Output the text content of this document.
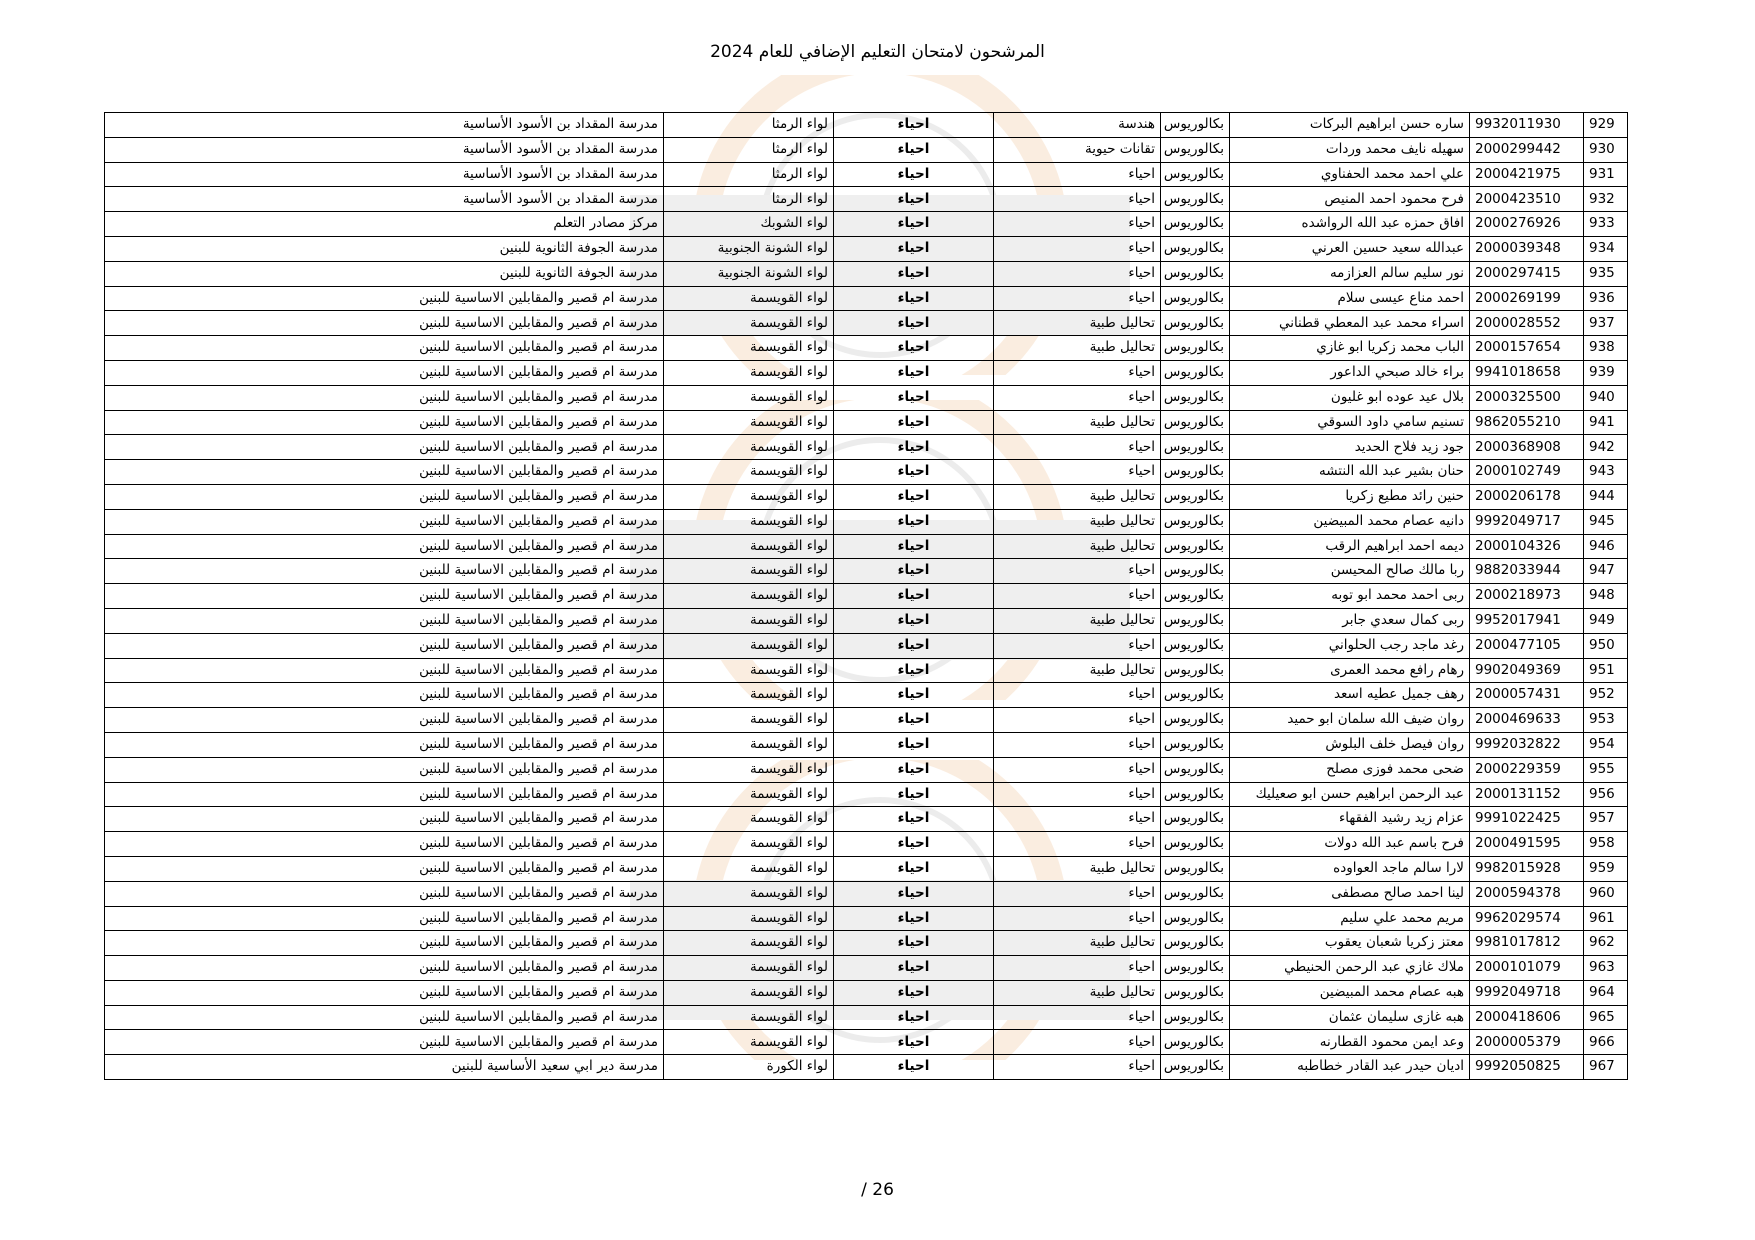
المرشحون لامتحان التعليم الإضافي للعام 2024
929	9932011930	ساره حسن ابراهيم البركات	بكالوريوس	هندسة	احياء	لواء الرمثا	مدرسة المقداد بن الأسود الأساسية
930	2000299442	سهيله نايف محمد وردات	بكالوريوس	تقانات حيوية	احياء	لواء الرمثا	مدرسة المقداد بن الأسود الأساسية
931	2000421975	علي احمد محمد الحفناوي	بكالوريوس	احياء	احياء	لواء الرمثا	مدرسة المقداد بن الأسود الأساسية
932	2000423510	فرح محمود احمد المنيص	بكالوريوس	احياء	احياء	لواء الرمثا	مدرسة المقداد بن الأسود الأساسية
933	2000276926	افاق حمزه عبد الله الرواشده	بكالوريوس	احياء	احياء	لواء الشوبك	مركز مصادر التعلم
934	2000039348	عبدالله سعيد حسين العرني	بكالوريوس	احياء	احياء	لواء الشونة الجنوبية	مدرسة الجوفة الثانوية للبنين
935	2000297415	نور سليم سالم العزازمه	بكالوريوس	احياء	احياء	لواء الشونة الجنوبية	مدرسة الجوفة الثانوية للبنين
936	2000269199	احمد مناع عيسى سلام	بكالوريوس	احياء	احياء	لواء القويسمة	مدرسة ام قصير والمقابلين الاساسية للبنين
937	2000028552	اسراء محمد عبد المعطي قطناني	بكالوريوس	تحاليل طبية	احياء	لواء القويسمة	مدرسة ام قصير والمقابلين الاساسية للبنين
938	2000157654	الباب محمد زكريا ابو غازي	بكالوريوس	تحاليل طبية	احياء	لواء القويسمة	مدرسة ام قصير والمقابلين الاساسية للبنين
939	9941018658	براء خالد صبحي الداعور	بكالوريوس	احياء	احياء	لواء القويسمة	مدرسة ام قصير والمقابلين الاساسية للبنين
940	2000325500	بلال عيد عوده ابو غليون	بكالوريوس	احياء	احياء	لواء القويسمة	مدرسة ام قصير والمقابلين الاساسية للبنين
941	9862055210	تسنيم سامي داود السوقي	بكالوريوس	تحاليل طبية	احياء	لواء القويسمة	مدرسة ام قصير والمقابلين الاساسية للبنين
942	2000368908	جود زيد فلاح الحديد	بكالوريوس	احياء	احياء	لواء القويسمة	مدرسة ام قصير والمقابلين الاساسية للبنين
943	2000102749	حنان بشير عبد الله النتشه	بكالوريوس	احياء	احياء	لواء القويسمة	مدرسة ام قصير والمقابلين الاساسية للبنين
944	2000206178	حنين رائد مطيع زكريا	بكالوريوس	تحاليل طبية	احياء	لواء القويسمة	مدرسة ام قصير والمقابلين الاساسية للبنين
945	9992049717	دانيه عصام محمد المبيضين	بكالوريوس	تحاليل طبية	احياء	لواء القويسمة	مدرسة ام قصير والمقابلين الاساسية للبنين
946	2000104326	ديمه احمد ابراهيم الرقب	بكالوريوس	تحاليل طبية	احياء	لواء القويسمة	مدرسة ام قصير والمقابلين الاساسية للبنين
947	9882033944	ربا مالك صالح المحيسن	بكالوريوس	احياء	احياء	لواء القويسمة	مدرسة ام قصير والمقابلين الاساسية للبنين
948	2000218973	ربى احمد محمد ابو توبه	بكالوريوس	احياء	احياء	لواء القويسمة	مدرسة ام قصير والمقابلين الاساسية للبنين
949	9952017941	ربى كمال سعدي جابر	بكالوريوس	تحاليل طبية	احياء	لواء القويسمة	مدرسة ام قصير والمقابلين الاساسية للبنين
950	2000477105	رغد ماجد رجب الحلواني	بكالوريوس	احياء	احياء	لواء القويسمة	مدرسة ام قصير والمقابلين الاساسية للبنين
951	9902049369	رهام رافع محمد العمرى	بكالوريوس	تحاليل طبية	احياء	لواء القويسمة	مدرسة ام قصير والمقابلين الاساسية للبنين
952	2000057431	رهف جميل عطيه اسعد	بكالوريوس	احياء	احياء	لواء القويسمة	مدرسة ام قصير والمقابلين الاساسية للبنين
953	2000469633	روان ضيف الله سلمان ابو حميد	بكالوريوس	احياء	احياء	لواء القويسمة	مدرسة ام قصير والمقابلين الاساسية للبنين
954	9992032822	روان فيصل خلف البلوش	بكالوريوس	احياء	احياء	لواء القويسمة	مدرسة ام قصير والمقابلين الاساسية للبنين
955	2000229359	ضحى محمد فوزى مصلح	بكالوريوس	احياء	احياء	لواء القويسمة	مدرسة ام قصير والمقابلين الاساسية للبنين
956	2000131152	عبد الرحمن ابراهيم حسن ابو صعيليك	بكالوريوس	احياء	احياء	لواء القويسمة	مدرسة ام قصير والمقابلين الاساسية للبنين
957	9991022425	عزام زيد رشيد الفقهاء	بكالوريوس	احياء	احياء	لواء القويسمة	مدرسة ام قصير والمقابلين الاساسية للبنين
958	2000491595	فرح باسم عبد الله دولات	بكالوريوس	احياء	احياء	لواء القويسمة	مدرسة ام قصير والمقابلين الاساسية للبنين
959	9982015928	لارا سالم ماجد العواوده	بكالوريوس	تحاليل طبية	احياء	لواء القويسمة	مدرسة ام قصير والمقابلين الاساسية للبنين
960	2000594378	لينا احمد صالح مصطفى	بكالوريوس	احياء	احياء	لواء القويسمة	مدرسة ام قصير والمقابلين الاساسية للبنين
961	9962029574	مريم محمد علي سليم	بكالوريوس	احياء	احياء	لواء القويسمة	مدرسة ام قصير والمقابلين الاساسية للبنين
962	9981017812	معتز زكريا شعبان يعقوب	بكالوريوس	تحاليل طبية	احياء	لواء القويسمة	مدرسة ام قصير والمقابلين الاساسية للبنين
963	2000101079	ملاك غازي عبد الرحمن الحنيطي	بكالوريوس	احياء	احياء	لواء القويسمة	مدرسة ام قصير والمقابلين الاساسية للبنين
964	9992049718	هبه عصام محمد المبيضين	بكالوريوس	تحاليل طبية	احياء	لواء القويسمة	مدرسة ام قصير والمقابلين الاساسية للبنين
965	2000418606	هبه غازى سليمان عثمان	بكالوريوس	احياء	احياء	لواء القويسمة	مدرسة ام قصير والمقابلين الاساسية للبنين
966	2000005379	وعد ايمن محمود القطارنه	بكالوريوس	احياء	احياء	لواء القويسمة	مدرسة ام قصير والمقابلين الاساسية للبنين
967	9992050825	اديان حيدر عبد القادر خطاطبه	بكالوريوس	احياء	احياء	لواء الكورة	مدرسة دير ابي سعيد الأساسية للبنين
26 /
